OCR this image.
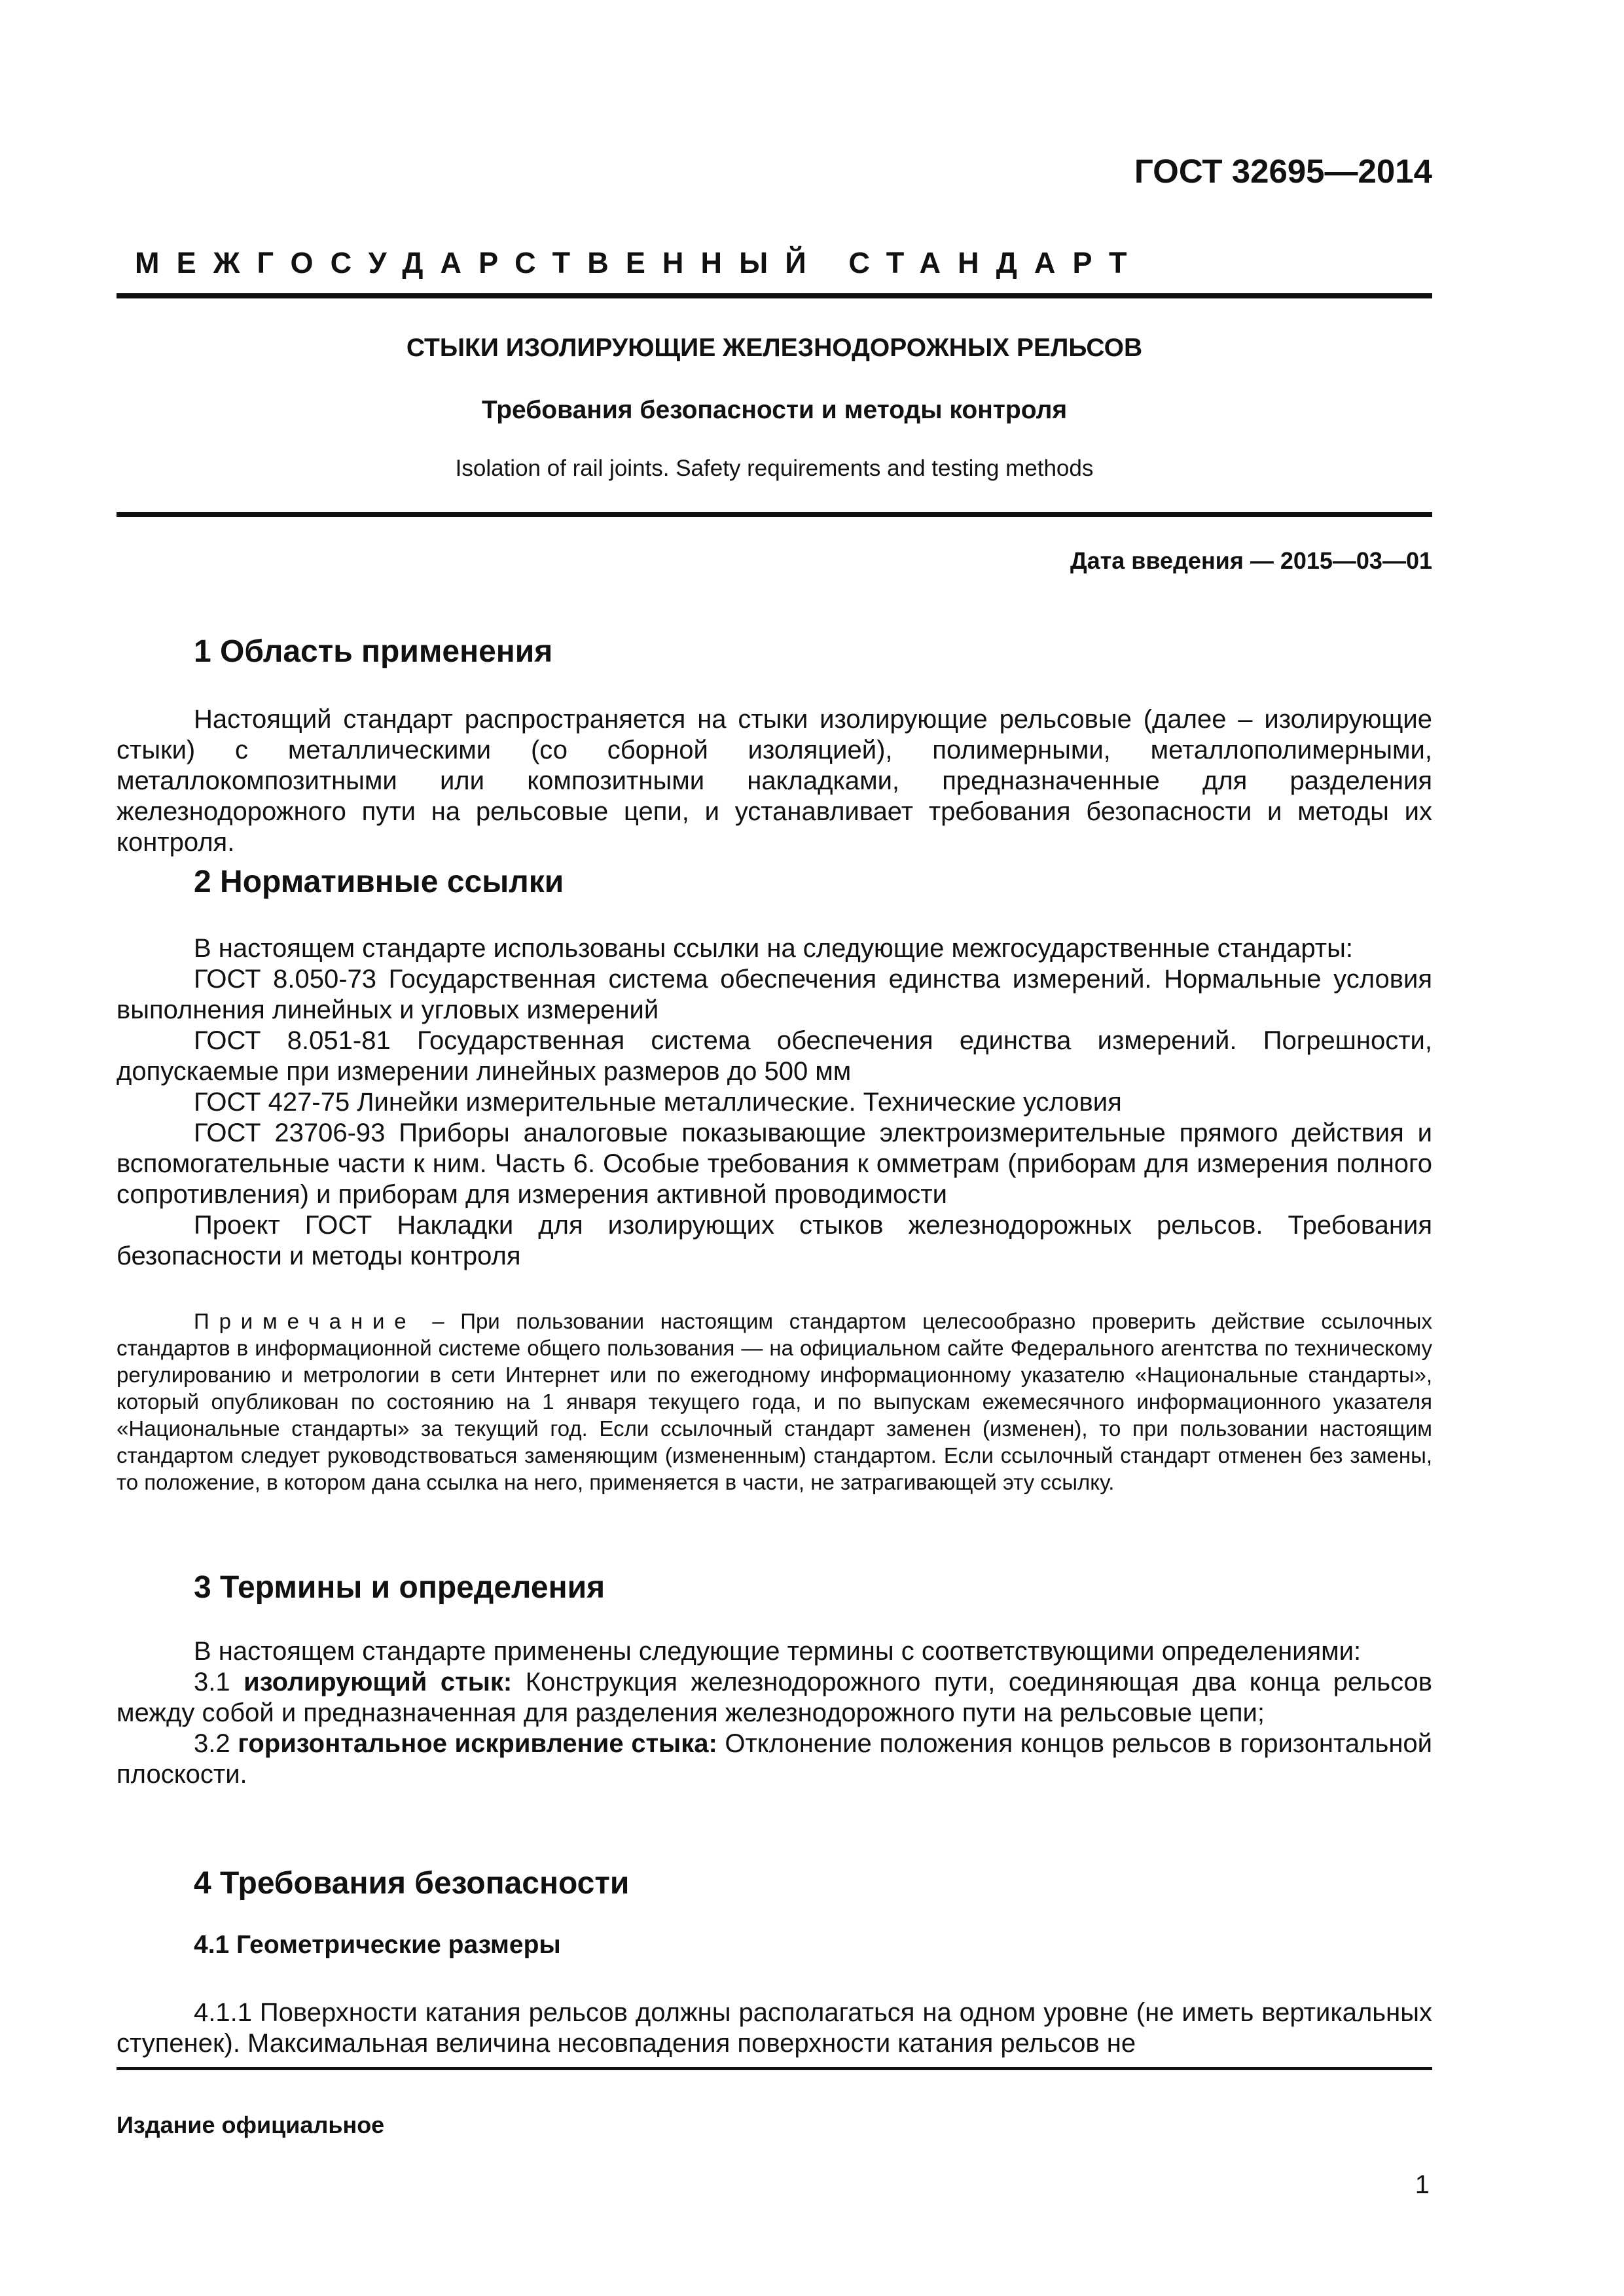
ГОСТ 32695—2014
МЕЖГОСУДАРСТВЕННЫЙ СТАНДАРТ
СТЫКИ ИЗОЛИРУЮЩИЕ ЖЕЛЕЗНОДОРОЖНЫХ РЕЛЬСОВ
Требования безопасности и методы контроля
Isolation of rail joints. Safety requirements and testing methods
Дата введения — 2015—03—01
1 Область применения

Настоящий стандарт распространяется на стыки изолирующие рельсовые (далее – изолирующие стыки) с металлическими (со сборной изоляцией), полимерными, металлополимерными, металлокомпозитными или композитными накладками, предназначенные для разделения железнодорожного пути на рельсовые цепи, и устанавливает требования безопасности и методы их контроля.

2 Нормативные ссылки

В настоящем стандарте использованы ссылки на следующие межгосударственные стандарты:

ГОСТ 8.050-73 Государственная система обеспечения единства измерений. Нормальные условия выполнения линейных и угловых измерений

ГОСТ 8.051-81 Государственная система обеспечения единства измерений. Погрешности, допускаемые при измерении линейных размеров до 500 мм

ГОСТ 427-75 Линейки измерительные металлические. Технические условия

ГОСТ 23706-93 Приборы аналоговые показывающие электроизмерительные прямого действия и вспомогательные части к ним. Часть 6. Особые требования к омметрам (приборам для измерения полного сопротивления) и приборам для измерения активной проводимости

Проект ГОСТ Накладки для изолирующих стыков железнодорожных рельсов. Требования безопасности и методы контроля

Примечание – При пользовании настоящим стандартом целесообразно проверить действие ссылочных стандартов в информационной системе общего пользования — на официальном сайте Федерального агентства по техническому регулированию и метрологии в сети Интернет или по ежегодному информационному указателю «Национальные стандарты», который опубликован по состоянию на 1 января текущего года, и по выпускам ежемесячного информационного указателя «Национальные стандарты» за текущий год. Если ссылочный стандарт заменен (изменен), то при пользовании настоящим стандартом следует руководствоваться заменяющим (измененным) стандартом. Если ссылочный стандарт отменен без замены, то положение, в котором дана ссылка на него, применяется в части, не затрагивающей эту ссылку.

3 Термины и определения

В настоящем стандарте применены следующие термины с соответствующими определениями:

3.1 изолирующий стык: Конструкция железнодорожного пути, соединяющая два конца рельсов между собой и предназначенная для разделения железнодорожного пути на рельсовые цепи;

3.2 горизонтальное искривление стыка: Отклонение положения концов рельсов в горизонтальной плоскости.

4 Требования безопасности
4.1 Геометрические размеры

4.1.1 Поверхности катания рельсов должны располагаться на одном уровне (не иметь вертикальных ступенек). Максимальная величина несовпадения поверхности катания рельсов не

Издание официальное
1
